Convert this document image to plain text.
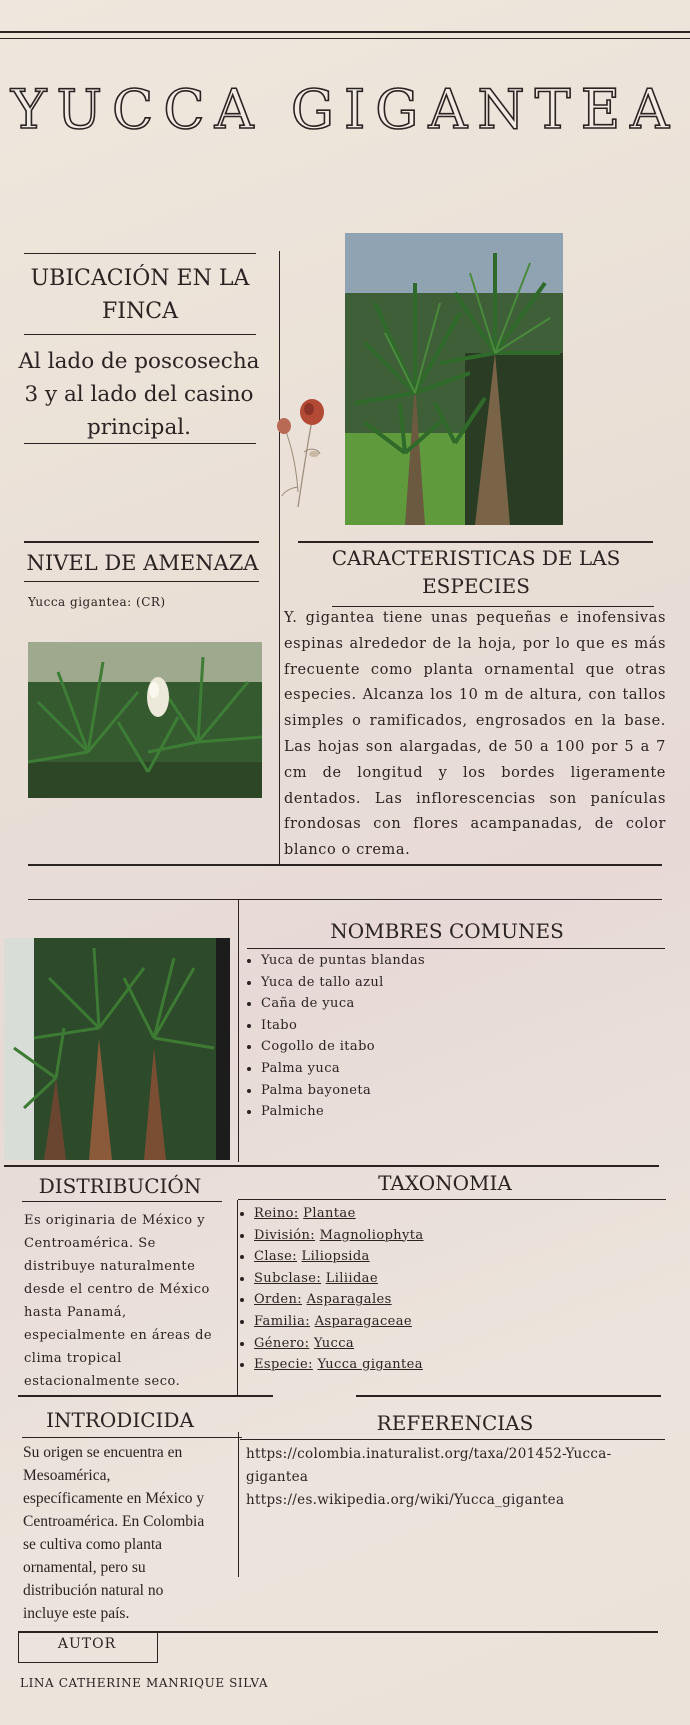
YUCCA GIGANTEA
UBICACIÓN EN LA
FINCA
Al lado de poscosecha
3 y al lado del casino
principal.
NIVEL DE AMENAZA
Yucca gigantea: (CR)
CARACTERISTICAS DE LAS
ESPECIES
Y. gigantea tiene unas pequeñas e inofensivas espinas alrededor de la hoja, por lo que es más frecuente como planta ornamental que otras especies. Alcanza los 10 m de altura, con tallos simples o ramificados, engrosados en la base. Las hojas son alargadas, de 50 a 100 por 5 a 7 cm de longitud y los bordes ligeramente dentados. Las inflorescencias son panículas frondosas con flores acampanadas, de color blanco o crema.
NOMBRES COMUNES
• Yuca de puntas blandas
• Yuca de tallo azul
• Caña de yuca
• Itabo
• Cogollo de itabo
• Palma yuca
• Palma bayoneta
• Palmiche
DISTRIBUCIÓN
Es originaria de México y
Centroamérica. Se
distribuye naturalmente
desde el centro de México
hasta Panamá,
especialmente en áreas de
clima tropical
estacionalmente seco.
TAXONOMIA
• Reino: Plantae
• División: Magnoliophyta
• Clase: Liliopsida
• Subclase: Liliidae
• Orden: Asparagales
• Familia: Asparagaceae
• Género: Yucca
• Especie: Yucca gigantea
INTRODICIDA
Su origen se encuentra en
Mesoamérica,
específicamente en México y
Centroamérica. En Colombia
se cultiva como planta
ornamental, pero su
distribución natural no
incluye este país.
REFERENCIAS
https://colombia.inaturalist.org/taxa/201452-Yucca-
gigantea
https://es.wikipedia.org/wiki/Yucca_gigantea
AUTOR
LINA CATHERINE MANRIQUE SILVA
